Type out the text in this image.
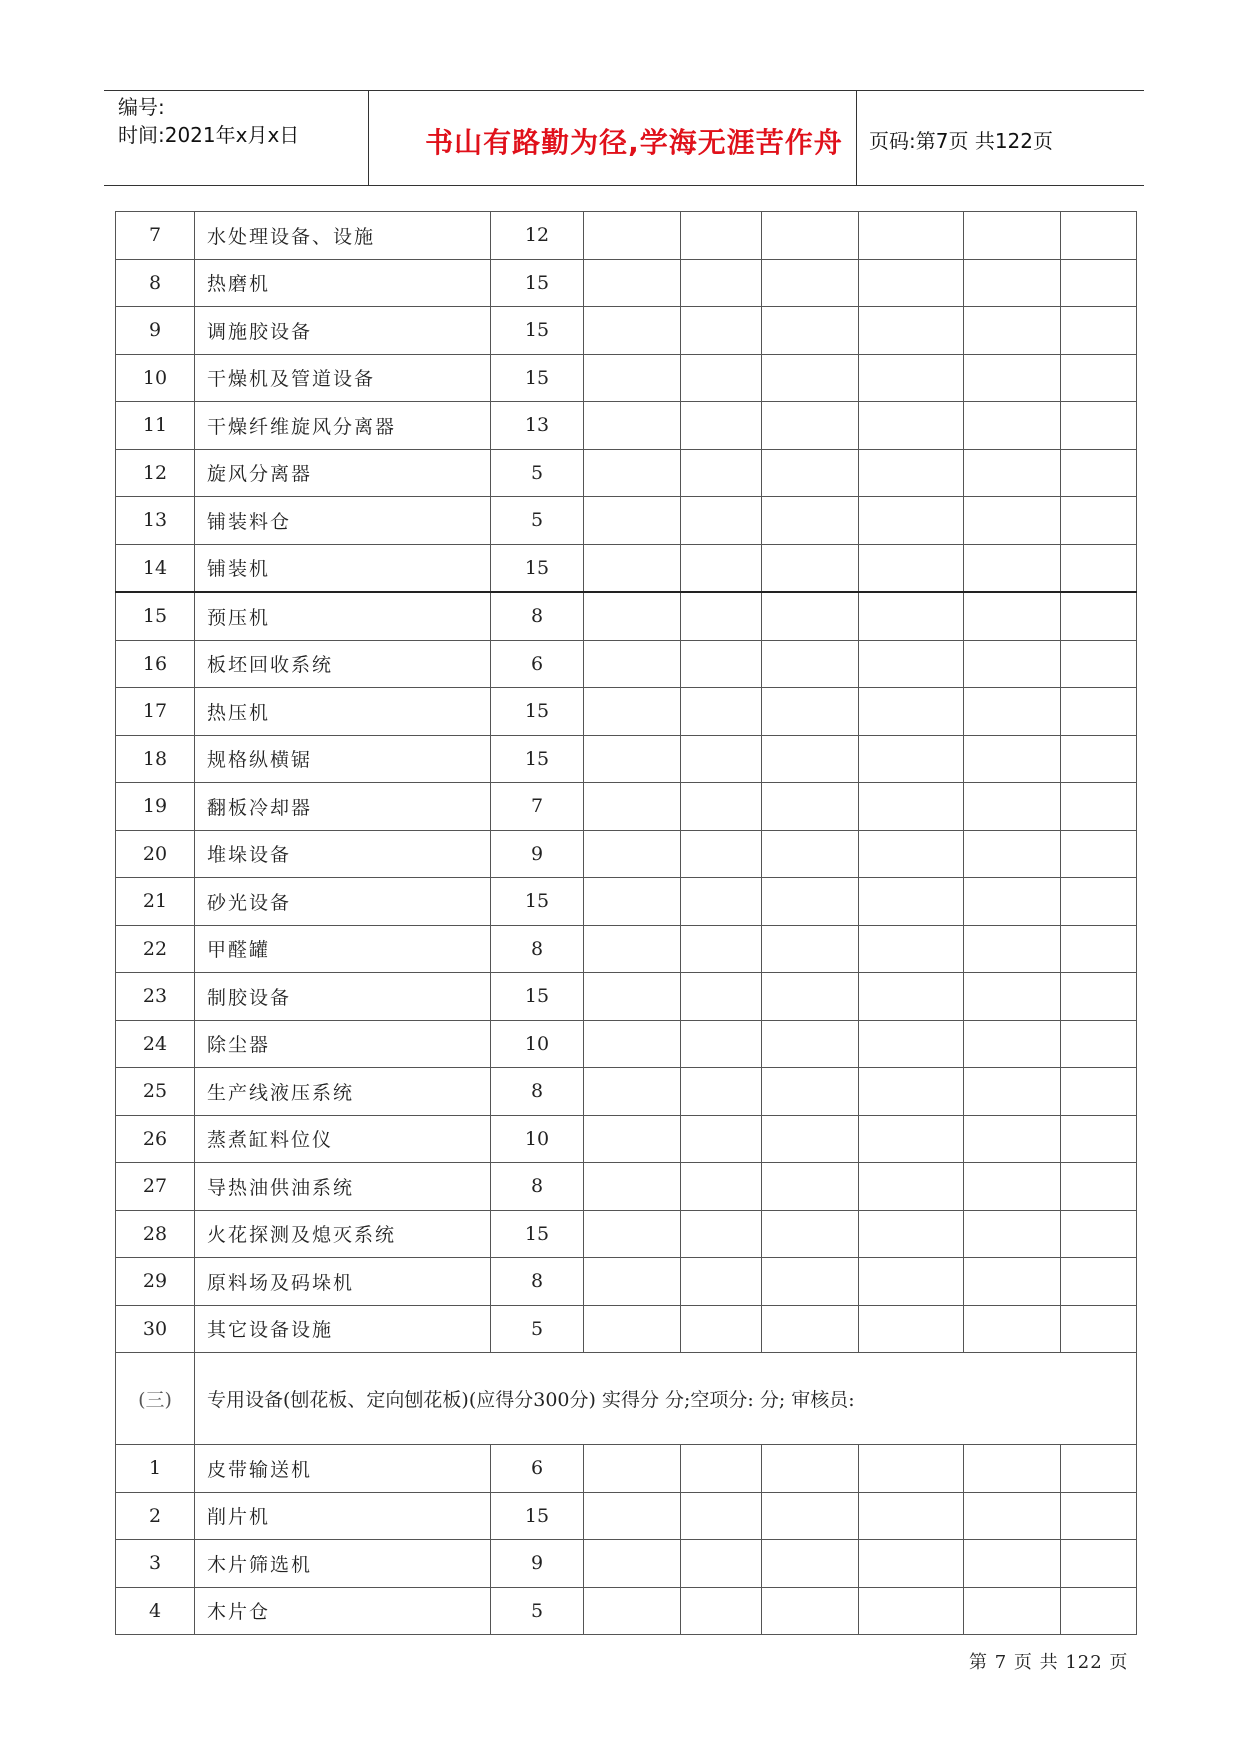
编号:
时间:2021年x月x日	书山有路勤为径,学海无涯苦作舟	页码:第7页 共122页
7	水处理设备、设施	12						
8	热磨机	15						
9	调施胶设备	15						
10	干燥机及管道设备	15						
11	干燥纤维旋风分离器	13						
12	旋风分离器	5						
13	铺装料仓	5						
14	铺装机	15						
15	预压机	8						
16	板坯回收系统	6						
17	热压机	15						
18	规格纵横锯	15						
19	翻板冷却器	7						
20	堆垛设备	9						
21	砂光设备	15						
22	甲醛罐	8						
23	制胶设备	15						
24	除尘器	10						
25	生产线液压系统	8						
26	蒸煮缸料位仪	10						
27	导热油供油系统	8						
28	火花探测及熄灭系统	15						
29	原料场及码垛机	8						
30	其它设备设施	5						
(三)	专用设备(刨花板、定向刨花板)(应得分300分) 实得分 分;空项分: 分; 审核员:							
1	皮带输送机	6						
2	削片机	15						
3	木片筛选机	9						
4	木片仓	5						
第 7 页 共 122 页
